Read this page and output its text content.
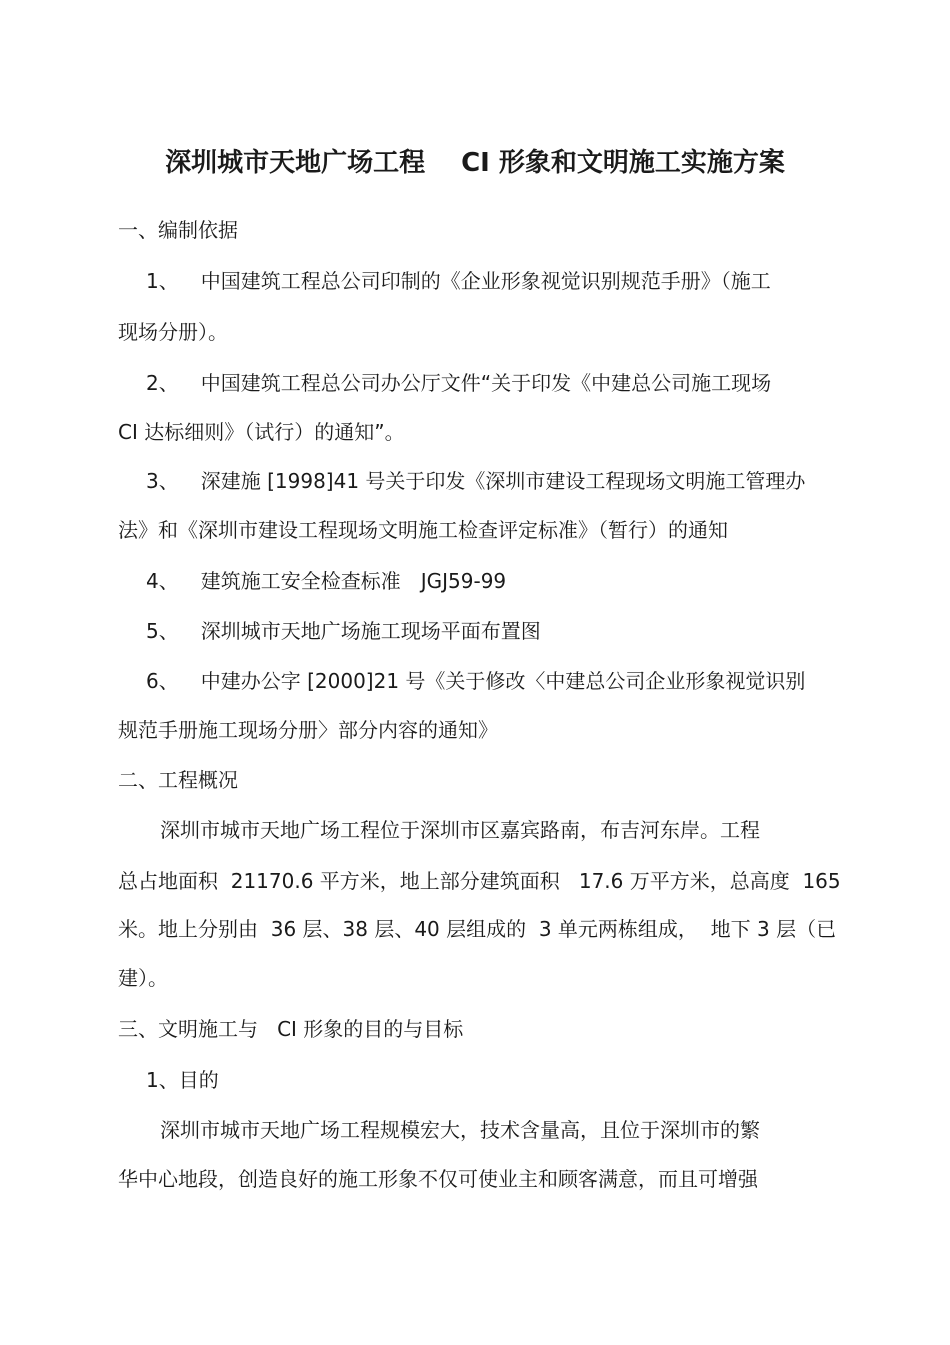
深圳城市天地广场工程 CI 形象和文明施工实施方案

一、编制依据

1、 中国建筑工程总公司印制的《企业形象视觉识别规范手册》（施工

现场分册）。

2、 中国建筑工程总公司办公厅文件“关于印发《中建总公司施工现场

CI 达标细则》（试行）的通知”。

3、 深建施 [1998]41 号关于印发《深圳市建设工程现场文明施工管理办

法》和《深圳市建设工程现场文明施工检查评定标准》（暂行）的通知

4、 建筑施工安全检查标准 JGJ59-99

5、 深圳城市天地广场施工现场平面布置图

6、 中建办公字 [2000]21 号《关于修改〈中建总公司企业形象视觉识别

规范手册施工现场分册〉部分内容的通知》

二、工程概况

深圳市城市天地广场工程位于深圳市区嘉宾路南，布吉河东岸。工程

总占地面积  21170.6 平方米，地上部分建筑面积   17.6 万平方米，总高度  165

米。地上分别由  36 层、38 层、40 层组成的  3 单元两栋组成，  地下 3 层（已

建）。

三、文明施工与   CI 形象的目的与目标

1、目的

深圳市城市天地广场工程规模宏大，技术含量高，且位于深圳市的繁

华中心地段，创造良好的施工形象不仅可使业主和顾客满意，而且可增强
